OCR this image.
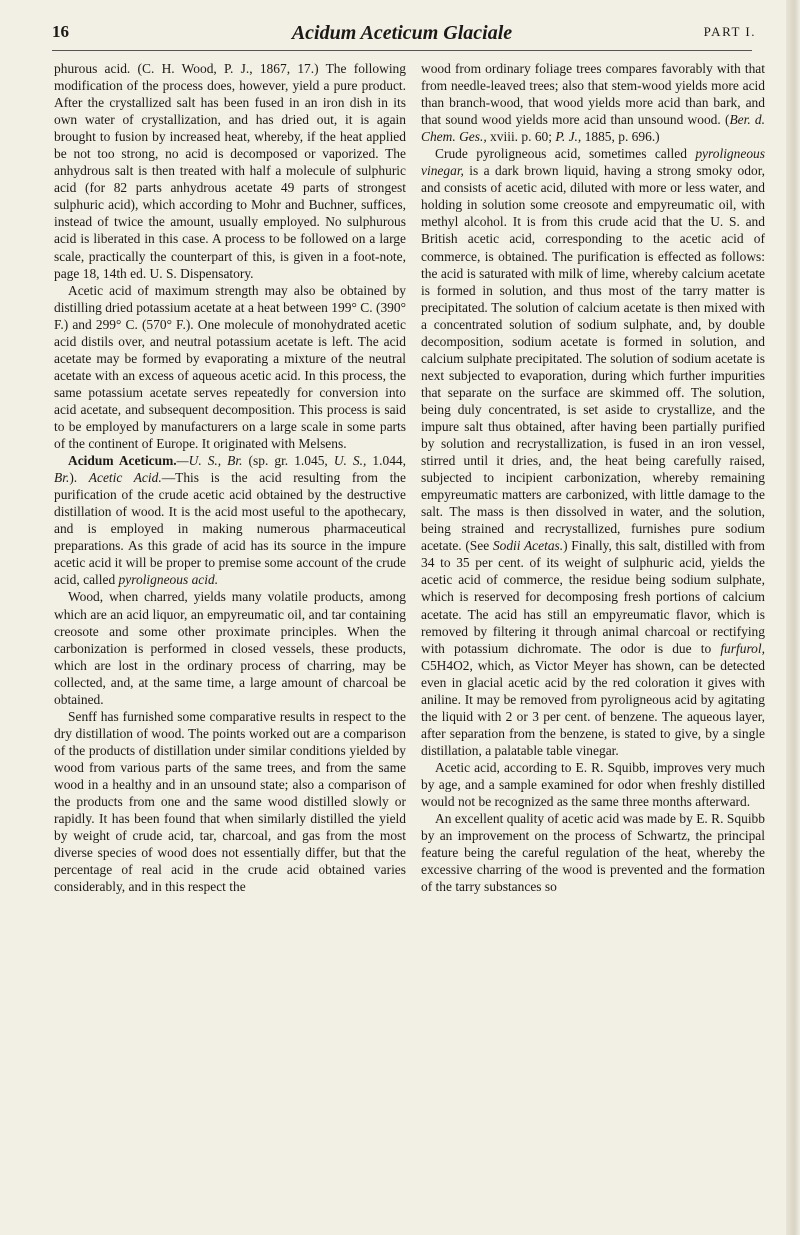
16	Acidum Aceticum Glaciale	PART I.

phurous acid. (C. H. Wood, P. J., 1867, 17.) The following modification of the process does, however, yield a pure product. After the crystallized salt has been fused in an iron dish in its own water of crystallization, and has dried out, it is again brought to fusion by increased heat, whereby, if the heat applied be not too strong, no acid is decomposed or vaporized. The anhydrous salt is then treated with half a molecule of sulphuric acid (for 82 parts anhydrous acetate 49 parts of strongest sulphuric acid), which according to Mohr and Buchner, suffices, instead of twice the amount, usually employed. No sulphurous acid is liberated in this case. A process to be followed on a large scale, practically the counterpart of this, is given in a foot-note, page 18, 14th ed. U. S. Dispensatory.

Acetic acid of maximum strength may also be obtained by distilling dried potassium acetate at a heat between 199° C. (390° F.) and 299° C. (570° F.). One molecule of monohydrated acetic acid distils over, and neutral potassium acetate is left. The acid acetate may be formed by evaporating a mixture of the neutral acetate with an excess of aqueous acetic acid. In this process, the same potassium acetate serves repeatedly for conversion into acid acetate, and subsequent decomposition. This process is said to be employed by manufacturers on a large scale in some parts of the continent of Europe. It originated with Melsens.

Acidum Aceticum.—U. S., Br. (sp. gr. 1.045, U. S., 1.044, Br.). Acetic Acid.—This is the acid resulting from the purification of the crude acetic acid obtained by the destructive distillation of wood. It is the acid most useful to the apothecary, and is employed in making numerous pharmaceutical preparations. As this grade of acid has its source in the impure acetic acid it will be proper to premise some account of the crude acid, called pyroligneous acid.

Wood, when charred, yields many volatile products, among which are an acid liquor, an empyreumatic oil, and tar containing creosote and some other proximate principles. When the carbonization is performed in closed vessels, these products, which are lost in the ordinary process of charring, may be collected, and, at the same time, a large amount of charcoal be obtained.

Senff has furnished some comparative results in respect to the dry distillation of wood. The points worked out are a comparison of the products of distillation under similar conditions yielded by wood from various parts of the same trees, and from the same wood in a healthy and in an unsound state; also a comparison of the products from one and the same wood distilled slowly or rapidly. It has been found that when similarly distilled the yield by weight of crude acid, tar, charcoal, and gas from the most diverse species of wood does not essentially differ, but that the percentage of real acid in the crude acid obtained varies considerably, and in this respect the

wood from ordinary foliage trees compares favorably with that from needle-leaved trees; also that stem-wood yields more acid than branch-wood, that wood yields more acid than bark, and that sound wood yields more acid than unsound wood. (Ber. d. Chem. Ges., xviii. p. 60; P. J., 1885, p. 696.)

Crude pyroligneous acid, sometimes called pyroligneous vinegar, is a dark brown liquid, having a strong smoky odor, and consists of acetic acid, diluted with more or less water, and holding in solution some creosote and empyreumatic oil, with methyl alcohol. It is from this crude acid that the U. S. and British acetic acid, corresponding to the acetic acid of commerce, is obtained. The purification is effected as follows: the acid is saturated with milk of lime, whereby calcium acetate is formed in solution, and thus most of the tarry matter is precipitated. The solution of calcium acetate is then mixed with a concentrated solution of sodium sulphate, and, by double decomposition, sodium acetate is formed in solution, and calcium sulphate precipitated. The solution of sodium acetate is next subjected to evaporation, during which further impurities that separate on the surface are skimmed off. The solution, being duly concentrated, is set aside to crystallize, and the impure salt thus obtained, after having been partially purified by solution and recrystallization, is fused in an iron vessel, stirred until it dries, and, the heat being carefully raised, subjected to incipient carbonization, whereby remaining empyreumatic matters are carbonized, with little damage to the salt. The mass is then dissolved in water, and the solution, being strained and recrystallized, furnishes pure sodium acetate. (See Sodii Acetas.) Finally, this salt, distilled with from 34 to 35 per cent. of its weight of sulphuric acid, yields the acetic acid of commerce, the residue being sodium sulphate, which is reserved for decomposing fresh portions of calcium acetate. The acid has still an empyreumatic flavor, which is removed by filtering it through animal charcoal or rectifying with potassium dichromate. The odor is due to furfurol, C5H4O2, which, as Victor Meyer has shown, can be detected even in glacial acetic acid by the red coloration it gives with aniline. It may be removed from pyroligneous acid by agitating the liquid with 2 or 3 per cent. of benzene. The aqueous layer, after separation from the benzene, is stated to give, by a single distillation, a palatable table vinegar.

Acetic acid, according to E. R. Squibb, improves very much by age, and a sample examined for odor when freshly distilled would not be recognized as the same three months afterward.

An excellent quality of acetic acid was made by E. R. Squibb by an improvement on the process of Schwartz, the principal feature being the careful regulation of the heat, whereby the excessive charring of the wood is prevented and the formation of the tarry substances so
